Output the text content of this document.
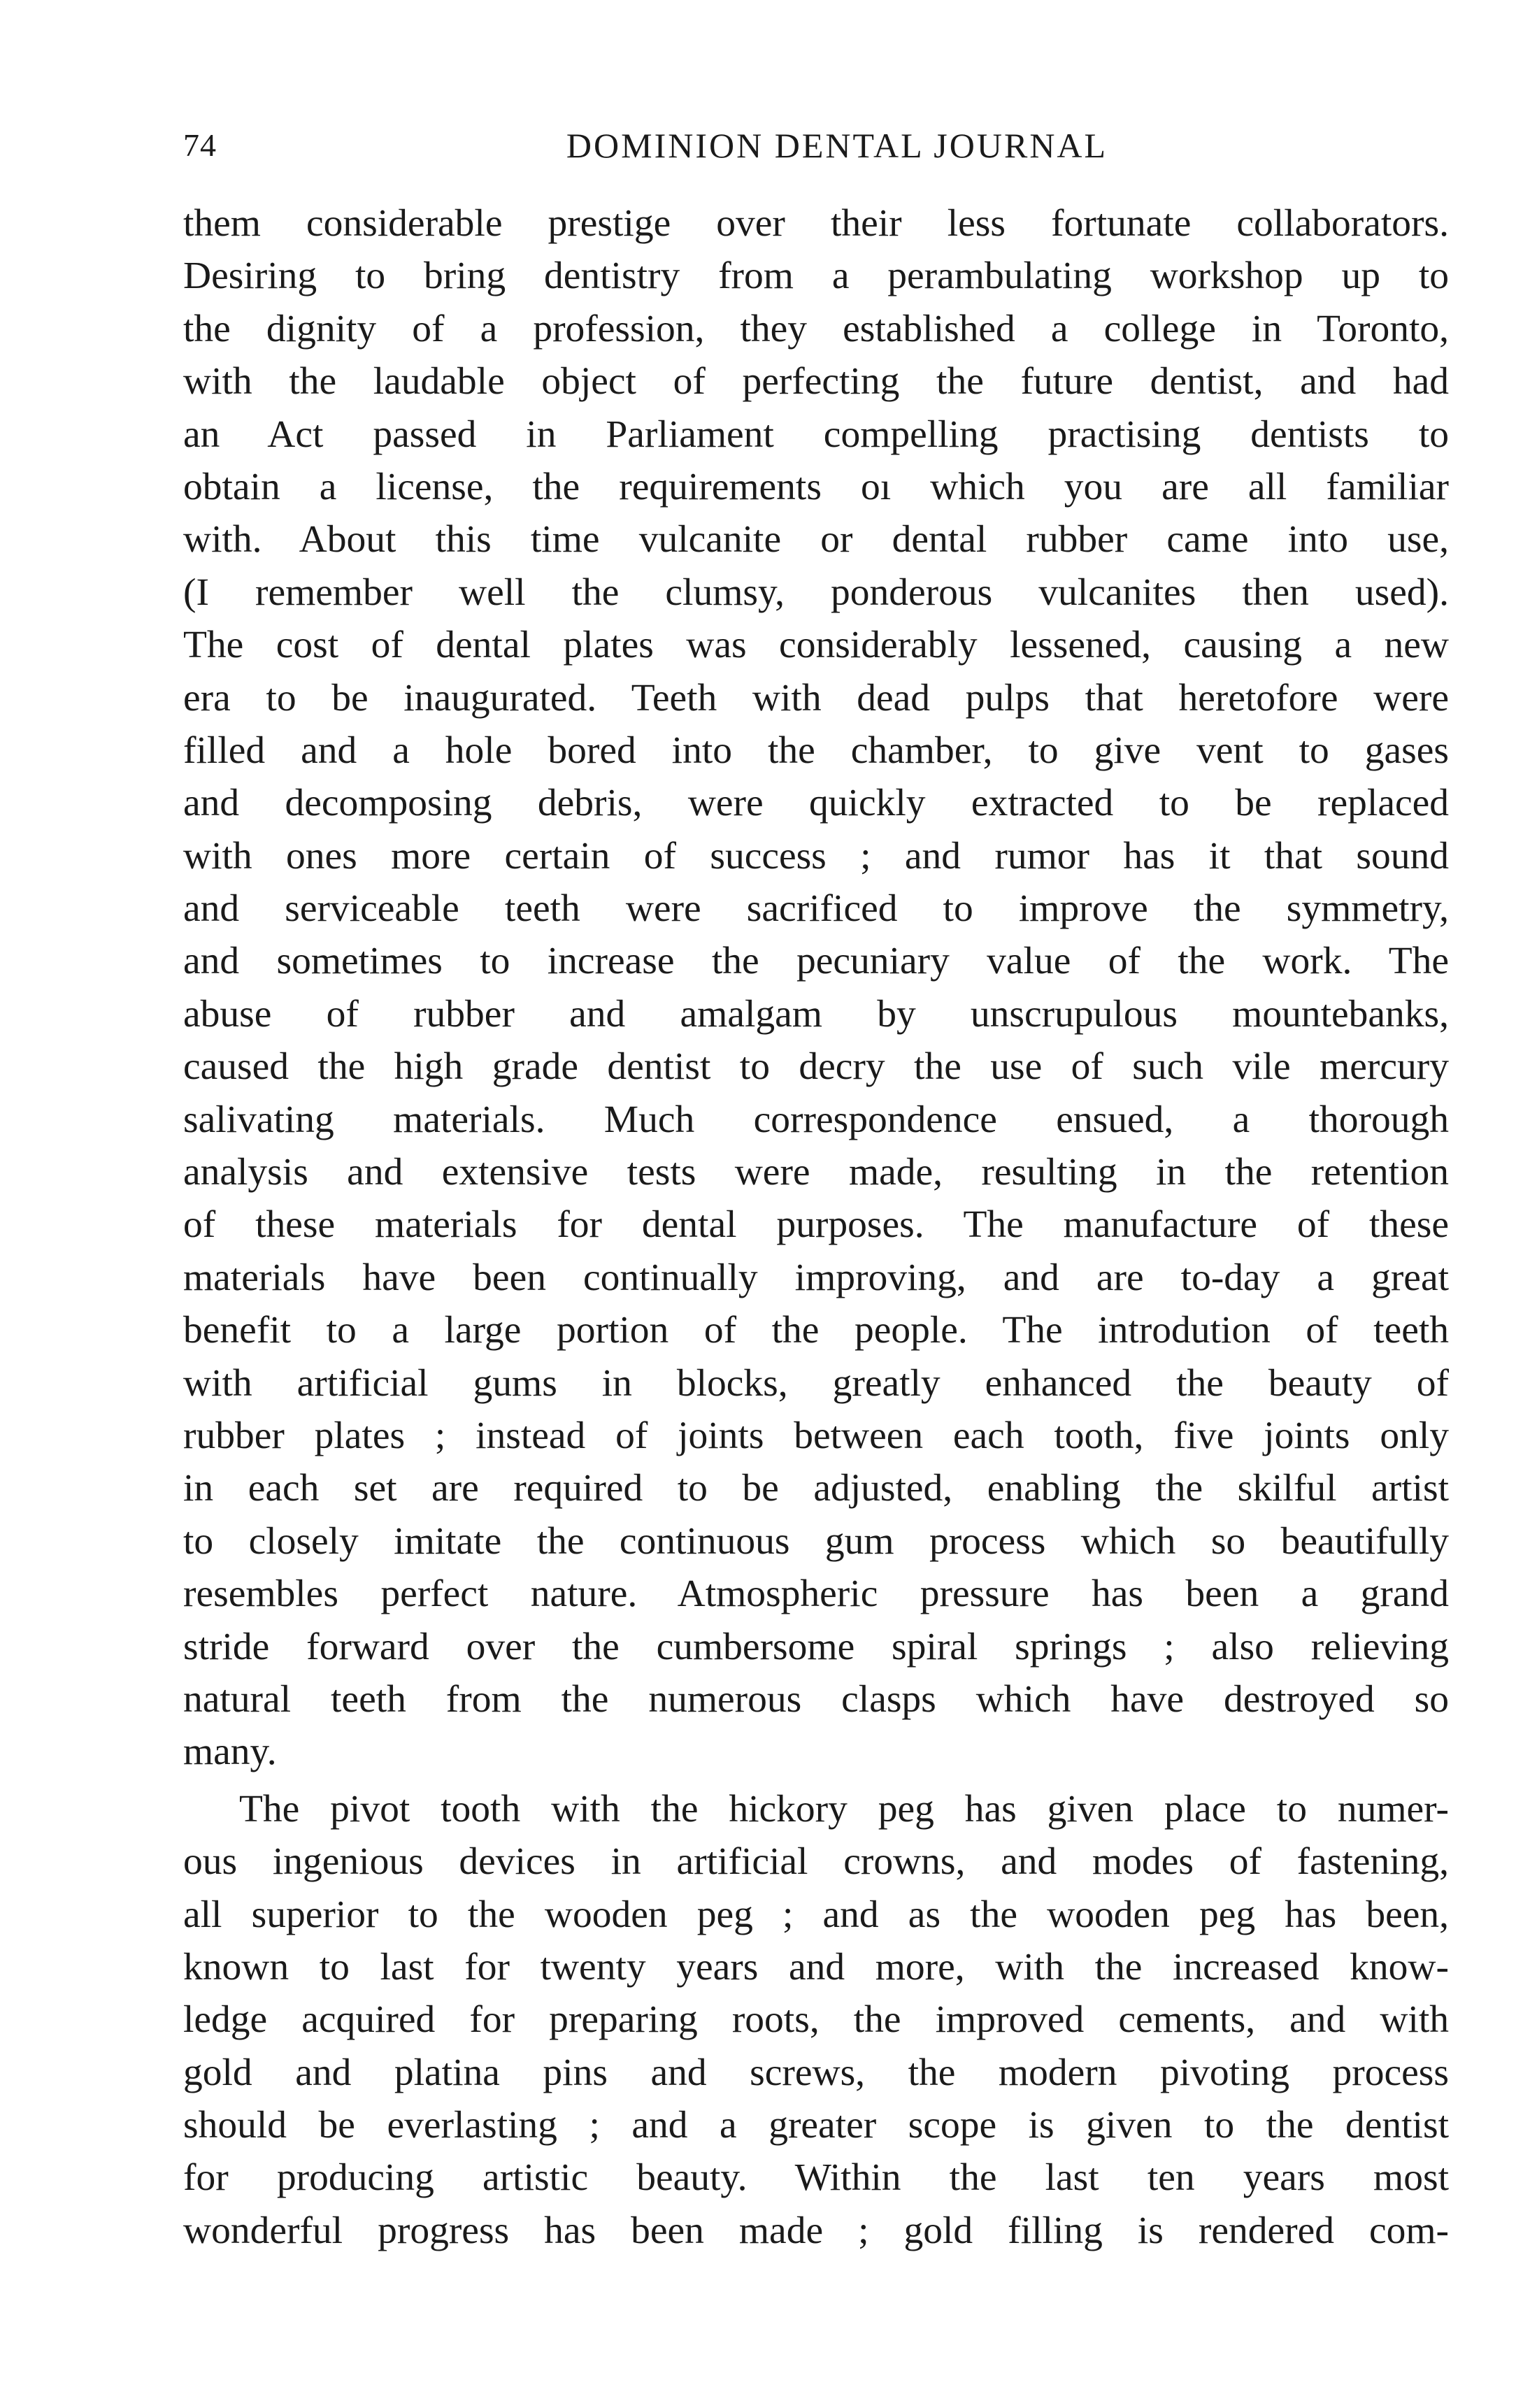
74	DOMINION DENTAL JOURNAL
them considerable prestige over their less fortunate collaborators.
Desiring to bring dentistry from a perambulating workshop up to
the dignity of a profession, they established a college in Toronto,
with the laudable object of perfecting the future dentist, and had
an Act passed in Parliament compelling practising dentists to
obtain a license, the requirements oı which you are all familiar
with. About this time vulcanite or dental rubber came into use,
(I remember well the clumsy, ponderous vulcanites then used).
The cost of dental plates was considerably lessened, causing a new
era to be inaugurated. Teeth with dead pulps that heretofore were
filled and a hole bored into the chamber, to give vent to gases
and decomposing debris, were quickly extracted to be replaced
with ones more certain of success ; and rumor has it that sound
and serviceable teeth were sacrificed to improve the symmetry,
and sometimes to increase the pecuniary value of the work. The
abuse of rubber and amalgam by unscrupulous mountebanks,
caused the high grade dentist to decry the use of such vile mercury
salivating materials. Much correspondence ensued, a thorough
analysis and extensive tests were made, resulting in the retention
of these materials for dental purposes. The manufacture of these
materials have been continually improving, and are to-day a great
benefit to a large portion of the people. The introdution of teeth
with artificial gums in blocks, greatly enhanced the beauty of
rubber plates ; instead of joints between each tooth, five joints only
in each set are required to be adjusted, enabling the skilful artist
to closely imitate the continuous gum process which so beautifully
resembles perfect nature. Atmospheric pressure has been a grand
stride forward over the cumbersome spiral springs ; also relieving
natural teeth from the numerous clasps which have destroyed so
many.
The pivot tooth with the hickory peg has given place to numer-
ous ingenious devices in artificial crowns, and modes of fastening,
all superior to the wooden peg ; and as the wooden peg has been,
known to last for twenty years and more, with the increased know-
ledge acquired for preparing roots, the improved cements, and with
gold and platina pins and screws, the modern pivoting process
should be everlasting ; and a greater scope is given to the dentist
for producing artistic beauty. Within the last ten years most
wonderful progress has been made ; gold filling is rendered com-
